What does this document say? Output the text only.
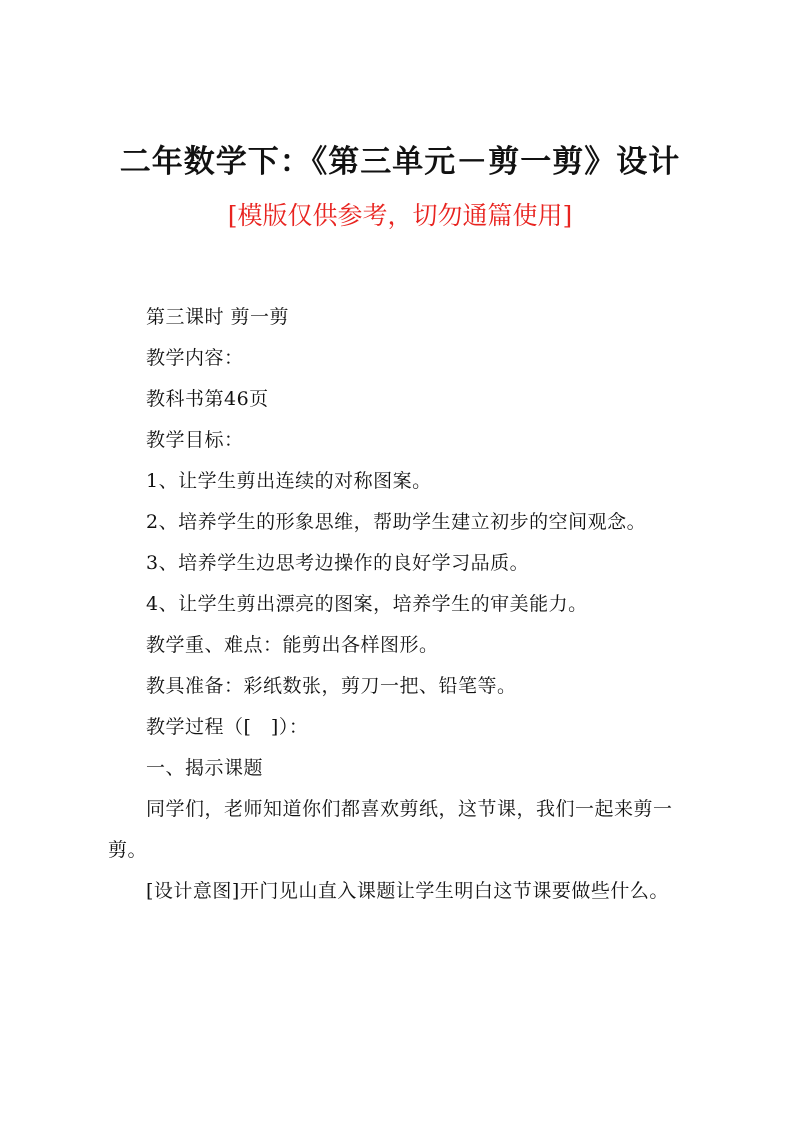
二年数学下：《第三单元－剪一剪》设计
[模版仅供参考，切勿通篇使用]

第三课时 剪一剪

教学内容：

教科书第46页

教学目标：

1、让学生剪出连续的对称图案。

2、培养学生的形象思维，帮助学生建立初步的空间观念。

3、培养学生边思考边操作的良好学习品质。

4、让学生剪出漂亮的图案，培养学生的审美能力。

教学重、难点：能剪出各样图形。

教具准备：彩纸数张，剪刀一把、铅笔等。

教学过程（[　]）：

一、揭示课题

同学们，老师知道你们都喜欢剪纸，这节课，我们一起来剪一剪。

[设计意图]开门见山直入课题让学生明白这节课要做些什么。
